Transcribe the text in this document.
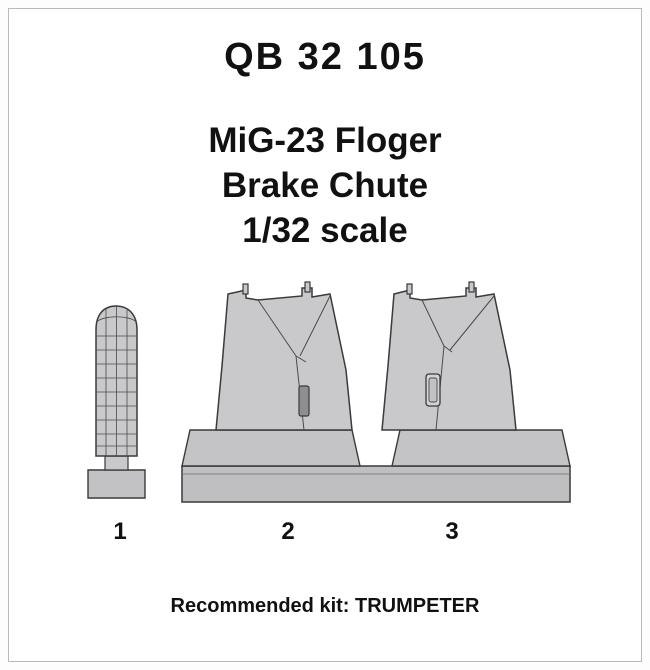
QB 32 105
MiG-23 Floger
Brake Chute
1/32 scale
1	2	3
Recommended kit: TRUMPETER
